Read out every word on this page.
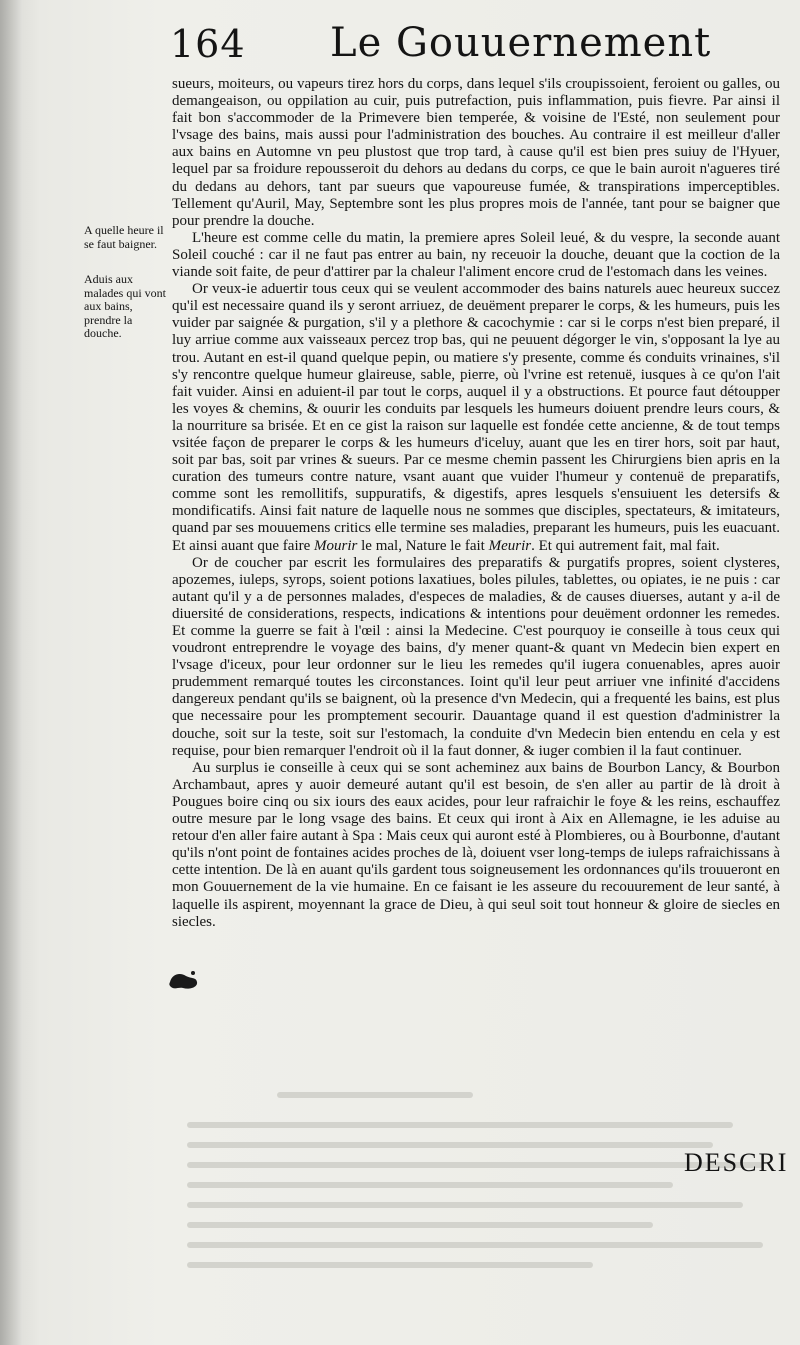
164 Le Gouuernement

A quelle heure il se faut baigner.

Aduis aux malades qui vont aux bains, prendre la douche.

sueurs, moiteurs, ou vapeurs tirez hors du corps, dans lequel s'ils croupissoient, feroient ou galles, ou demangeaison, ou oppilation au cuir, puis putrefaction, puis inflammation, puis fievre. Par ainsi il fait bon s'accommoder de la Primevere bien temperée, & voisine de l'Esté, non seulement pour l'vsage des bains, mais aussi pour l'administration des bouches. Au contraire il est meilleur d'aller aux bains en Automne vn peu plustost que trop tard, à cause qu'il est bien pres suiuy de l'Hyuer, lequel par sa froidure repousseroit du dehors au dedans du corps, ce que le bain auroit n'agueres tiré du dedans au dehors, tant par sueurs que vapoureuse fumée, & transpirations imperceptibles. Tellement qu'Auril, May, Septembre sont les plus propres mois de l'année, tant pour se baigner que pour prendre la douche.

L'heure est comme celle du matin, la premiere apres Soleil leué, & du vespre, la seconde auant Soleil couché : car il ne faut pas entrer au bain, ny receuoir la douche, deuant que la coction de la viande soit faite, de peur d'attirer par la chaleur l'aliment encore crud de l'estomach dans les veines.

Or veux-ie aduertir tous ceux qui se veulent accommoder des bains naturels auec heureux succez qu'il est necessaire quand ils y seront arriuez, de deuëment preparer le corps, & les humeurs, puis les vuider par saignée & purgation, s'il y a plethore & cacochymie : car si le corps n'est bien preparé, il luy arriue comme aux vaisseaux percez trop bas, qui ne peuuent dégorger le vin, s'opposant la lye au trou. Autant en est-il quand quelque pepin, ou matiere s'y presente, comme és conduits vrinaines, s'il s'y rencontre quelque humeur glaireuse, sable, pierre, où l'vrine est retenuë, iusques à ce qu'on l'ait fait vuider. Ainsi en aduient-il par tout le corps, auquel il y a obstructions. Et pource faut détoupper les voyes & chemins, & ouurir les conduits par lesquels les humeurs doiuent prendre leurs cours, & la nourriture sa brisée. Et en ce gist la raison sur laquelle est fondée cette ancienne, & de tout temps vsitée façon de preparer le corps & les humeurs d'iceluy, auant que les en tirer hors, soit par haut, soit par bas, soit par vrines & sueurs. Par ce mesme chemin passent les Chirurgiens bien apris en la curation des tumeurs contre nature, vsant auant que vuider l'humeur y contenuë de preparatifs, comme sont les remollitifs, suppuratifs, & digestifs, apres lesquels s'ensuiuent les detersifs & mondificatifs. Ainsi fait nature de laquelle nous ne sommes que disciples, spectateurs, & imitateurs, quand par ses mouuemens critics elle termine ses maladies, preparant les humeurs, puis les euacuant. Et ainsi auant que faire Mourir le mal, Nature le fait Meurir. Et qui autrement fait, mal fait.

Or de coucher par escrit les formulaires des preparatifs & purgatifs propres, soient clysteres, apozemes, iuleps, syrops, soient potions laxatiues, boles pilules, tablettes, ou opiates, ie ne puis : car autant qu'il y a de personnes malades, d'especes de maladies, & de causes diuerses, autant y a-il de diuersité de considerations, respects, indications & intentions pour deuëment ordonner les remedes. Et comme la guerre se fait à l'œil : ainsi la Medecine. C'est pourquoy ie conseille à tous ceux qui voudront entreprendre le voyage des bains, d'y mener quant-& quant vn Medecin bien expert en l'vsage d'iceux, pour leur ordonner sur le lieu les remedes qu'il iugera conuenables, apres auoir prudemment remarqué toutes les circonstances. Ioint qu'il leur peut arriuer vne infinité d'accidens dangereux pendant qu'ils se baignent, où la presence d'vn Medecin, qui a frequenté les bains, est plus que necessaire pour les promptement secourir. Dauantage quand il est question d'administrer la douche, soit sur la teste, soit sur l'estomach, la conduite d'vn Medecin bien entendu en cela y est requise, pour bien remarquer l'endroit où il la faut donner, & iuger combien il la faut continuer.

Au surplus ie conseille à ceux qui se sont acheminez aux bains de Bourbon Lancy, & Bourbon Archambaut, apres y auoir demeuré autant qu'il est besoin, de s'en aller au partir de là droit à Pougues boire cinq ou six iours des eaux acides, pour leur rafraichir le foye & les reins, eschauffez outre mesure par le long vsage des bains. Et ceux qui iront à Aix en Allemagne, ie les aduise au retour d'en aller faire autant à Spa : Mais ceux qui auront esté à Plombieres, ou à Bourbonne, d'autant qu'ils n'ont point de fontaines acides proches de là, doiuent vser long-temps de iuleps rafraichissans à cette intention. De là en auant qu'ils gardent tous soigneusement les ordonnances qu'ils trouueront en mon Gouuernement de la vie humaine. En ce faisant ie les asseure du recouurement de leur santé, à laquelle ils aspirent, moyennant la grace de Dieu, à qui seul soit tout honneur & gloire de siecles en siecles.

DESCRI
